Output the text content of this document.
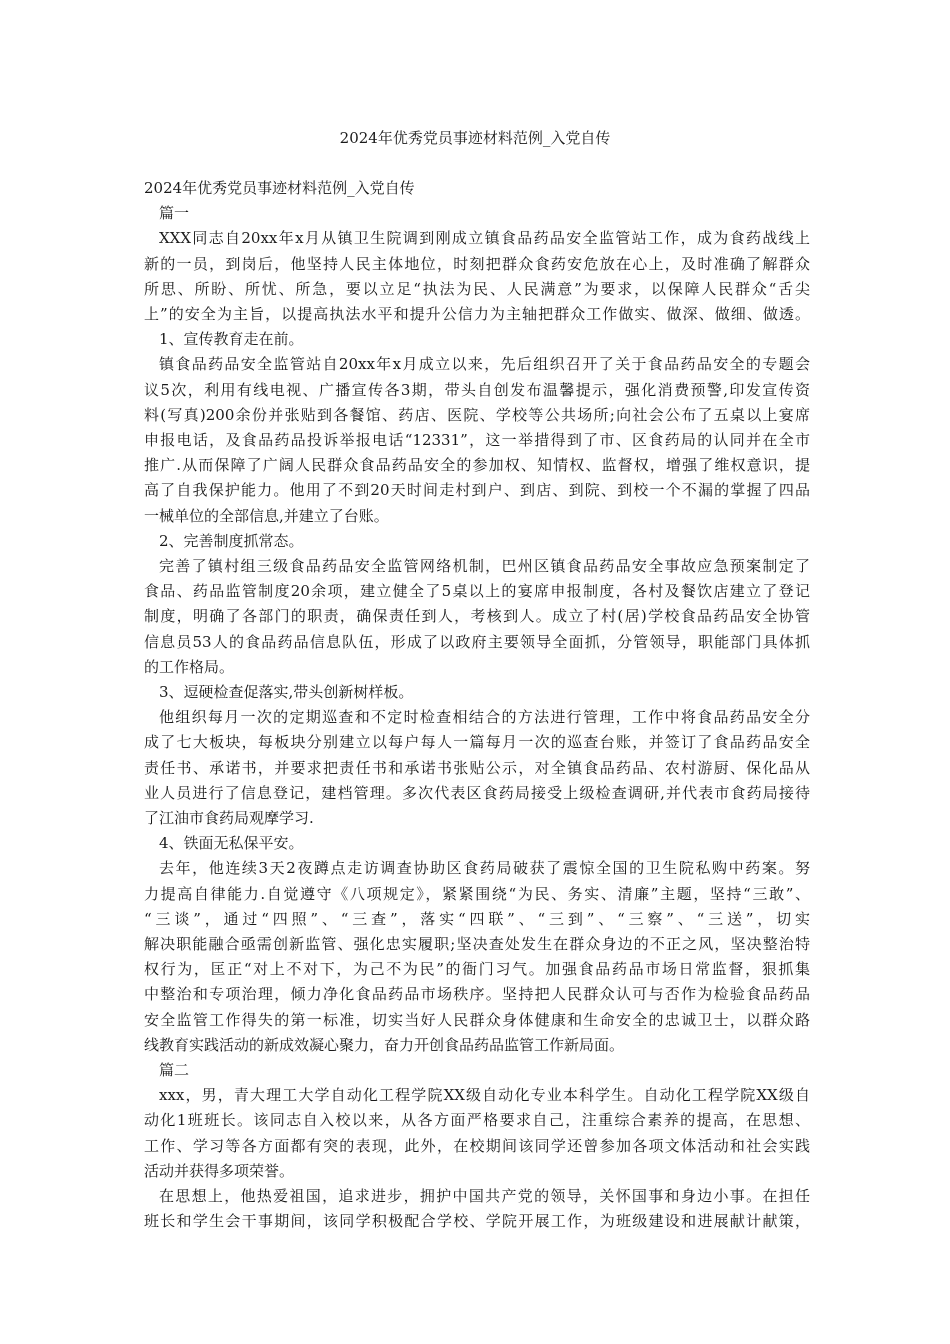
2024年优秀党员事迹材料范例_入党自传
2024年优秀党员事迹材料范例_入党自传
篇一
XXX同志自20xx年x月从镇卫生院调到刚成立镇食品药品安全监管站工作，成为食药战线上
新的一员，到岗后，他坚持人民主体地位，时刻把群众食药安危放在心上，及时准确了解群众
所思、所盼、所忧、所急，要以立足“执法为民、人民满意”为要求，以保障人民群众“舌尖
上”的安全为主旨，以提高执法水平和提升公信力为主轴把群众工作做实、做深、做细、做透。
1、宣传教育走在前。
镇食品药品安全监管站自20xx年x月成立以来，先后组织召开了关于食品药品安全的专题会
议5次，利用有线电视、广播宣传各3期，带头自创发布温馨提示，强化消费预警,印发宣传资
料(写真)200余份并张贴到各餐馆、药店、医院、学校等公共场所;向社会公布了五桌以上宴席
申报电话，及食品药品投诉举报电话“12331”，这一举措得到了市、区食药局的认同并在全市
推广.从而保障了广阔人民群众食品药品安全的参加权、知情权、监督权，增强了维权意识，提
高了自我保护能力。他用了不到20天时间走村到户、到店、到院、到校一个不漏的掌握了四品
一械单位的全部信息,并建立了台账。
2、完善制度抓常态。
完善了镇村组三级食品药品安全监管网络机制，巴州区镇食品药品安全事故应急预案制定了
食品、药品监管制度20余项，建立健全了5桌以上的宴席申报制度，各村及餐饮店建立了登记
制度，明确了各部门的职责，确保责任到人，考核到人。成立了村(居)学校食品药品安全协管
信息员53人的食品药品信息队伍，形成了以政府主要领导全面抓，分管领导，职能部门具体抓
的工作格局。
3、逗硬检查促落实,带头创新树样板。
他组织每月一次的定期巡查和不定时检查相结合的方法进行管理，工作中将食品药品安全分
成了七大板块，每板块分别建立以每户每人一篇每月一次的巡查台账，并签订了食品药品安全
责任书、承诺书，并要求把责任书和承诺书张贴公示，对全镇食品药品、农村游厨、保化品从
业人员进行了信息登记，建档管理。多次代表区食药局接受上级检查调研,并代表市食药局接待
了江油市食药局观摩学习.
4、铁面无私保平安。
去年，他连续3天2夜蹲点走访调查协助区食药局破获了震惊全国的卫生院私购中药案。努
力提高自律能力.自觉遵守《八项规定》，紧紧围绕“为民、务实、清廉”主题，坚持“三敢”、
“三谈”，通过“四照”、“三查”，落实“四联”、“三到”、“三察”、“三送”，切实
解决职能融合亟需创新监管、强化忠实履职;坚决查处发生在群众身边的不正之风，坚决整治特
权行为，匡正“对上不对下，为己不为民”的衙门习气。加强食品药品市场日常监督，狠抓集
中整治和专项治理，倾力净化食品药品市场秩序。坚持把人民群众认可与否作为检验食品药品
安全监管工作得失的第一标准，切实当好人民群众身体健康和生命安全的忠诚卫士，以群众路
线教育实践活动的新成效凝心聚力，奋力开创食品药品监管工作新局面。
篇二
xxx，男，青大理工大学自动化工程学院XX级自动化专业本科学生。自动化工程学院XX级自
动化1班班长。该同志自入校以来，从各方面严格要求自己，注重综合素养的提高，在思想、
工作、学习等各方面都有突的表现，此外，在校期间该同学还曾参加各项文体活动和社会实践
活动并获得多项荣誉。
在思想上，他热爱祖国，追求进步，拥护中国共产党的领导，关怀国事和身边小事。在担任
班长和学生会干事期间，该同学积极配合学校、学院开展工作，为班级建设和进展献计献策，
